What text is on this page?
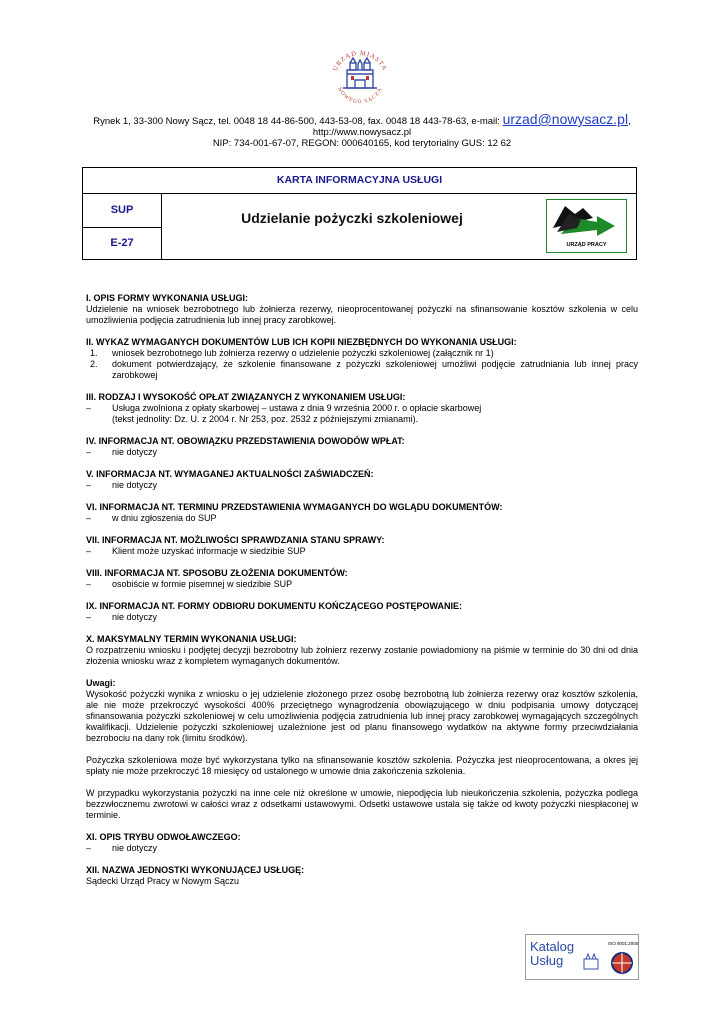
URZĄD MIASTA
NOWEGO SĄCZA
Rynek 1, 33-300 Nowy Sącz, tel. 0048 18 44-86-500, 443-53-08, fax. 0048 18 443-78-63, e-mail: urzad@nowysacz.pl,
http://www.nowysacz.pl
NIP: 734-001-67-07, REGON: 000640165, kod terytorialny GUS: 12 62
KARTA INFORMACYJNA USŁUGI
SUP
E-27
Udzielanie pożyczki szkoleniowej
URZĄD PRACY
I. OPIS FORMY WYKONANIA USŁUGI:

Udzielenie na wniosek bezrobotnego lub żołnierza rezerwy, nieoprocentowanej pożyczki na sfinansowanie kosztów szkolenia w celu umożliwienia podjęcia zatrudnienia lub innej pracy zarobkowej.

II. WYKAZ WYMAGANYCH DOKUMENTÓW LUB ICH KOPII NIEZBĘDNYCH DO WYKONANIA USŁUGI:
1.	wniosek bezrobotnego lub żołnierza rezerwy o udzielenie pożyczki szkoleniowej (załącznik nr 1)
2.	dokument potwierdzający, że szkolenie finansowane z pożyczki szkoleniowej umożliwi podjęcie zatrudniania lub innej pracy zarobkowej
III. RODZAJ I WYSOKOŚĆ OPŁAT ZWIĄZANYCH Z WYKONANIEM USŁUGI:
–	Usługa zwolniona z opłaty skarbowej – ustawa z dnia 9 września 2000 r. o opłacie skarbowej (tekst jednolity: Dz. U. z 2004 r. Nr 253, poz. 2532 z późniejszymi zmianami).
IV. INFORMACJA NT. OBOWIĄZKU PRZEDSTAWIENIA DOWODÓW WPŁAT:
–	nie dotyczy
V. INFORMACJA NT. WYMAGANEJ AKTUALNOŚCI ZAŚWIADCZEŃ:
–	nie dotyczy
VI. INFORMACJA NT. TERMINU PRZEDSTAWIENIA WYMAGANYCH DO WGLĄDU DOKUMENTÓW:
–	w dniu zgłoszenia do SUP
VII. INFORMACJA NT. MOŻLIWOŚCI SPRAWDZANIA STANU SPRAWY:
–	Klient może uzyskać informacje w siedzibie SUP
VIII. INFORMACJA NT. SPOSOBU ZŁOŻENIA DOKUMENTÓW:
–	osobiście w formie pisemnej w siedzibie SUP
IX. INFORMACJA NT. FORMY ODBIORU DOKUMENTU KOŃCZĄCEGO POSTĘPOWANIE:
–	nie dotyczy
X. MAKSYMALNY TERMIN WYKONANIA USŁUGI:

O rozpatrzeniu wniosku i podjętej decyzji bezrobotny lub żołnierz rezerwy zostanie powiadomiony na piśmie w terminie do 30 dni od dnia złożenia wniosku wraz z kompletem wymaganych dokumentów.

Uwagi:

Wysokość pożyczki wynika z wniosku o jej udzielenie złożonego przez osobę bezrobotną lub żołnierza rezerwy oraz kosztów szkolenia, ale nie może przekroczyć wysokości 400% przeciętnego wynagrodzenia obowiązującego w dniu podpisania umowy dotyczącej sfinansowania pożyczki szkoleniowej w celu umożliwienia podjęcia zatrudnienia lub innej pracy zarobkowej wymagających szczególnych kwalifikacji. Udzielenie pożyczki szkoleniowej uzależnione jest od planu finansowego wydatków na aktywne formy przeciwdziałania bezrobociu na dany rok (limitu środków).

Pożyczka szkoleniowa może być wykorzystana tylko na sfinansowanie kosztów szkolenia. Pożyczka jest nieoprocentowana, a okres jej spłaty nie może przekroczyć 18 miesięcy od ustalonego w umowie dnia zakończenia szkolenia.

W przypadku wykorzystania pożyczki na inne cele niż określone w umowie, niepodjęcia lub nieukończenia szkolenia, pożyczka podlega bezzwłocznemu zwrotowi w całości wraz z odsetkami ustawowymi. Odsetki ustawowe ustala się także od kwoty pożyczki niespłaconej w terminie.

XI. OPIS TRYBU ODWOŁAWCZEGO:
–	nie dotyczy
XII. NAZWA JEDNOSTKI WYKONUJĄCEJ USŁUGĘ:

Sądecki Urząd Pracy w Nowym Sączu

Katalog
Usług
ISO 9001:2000
